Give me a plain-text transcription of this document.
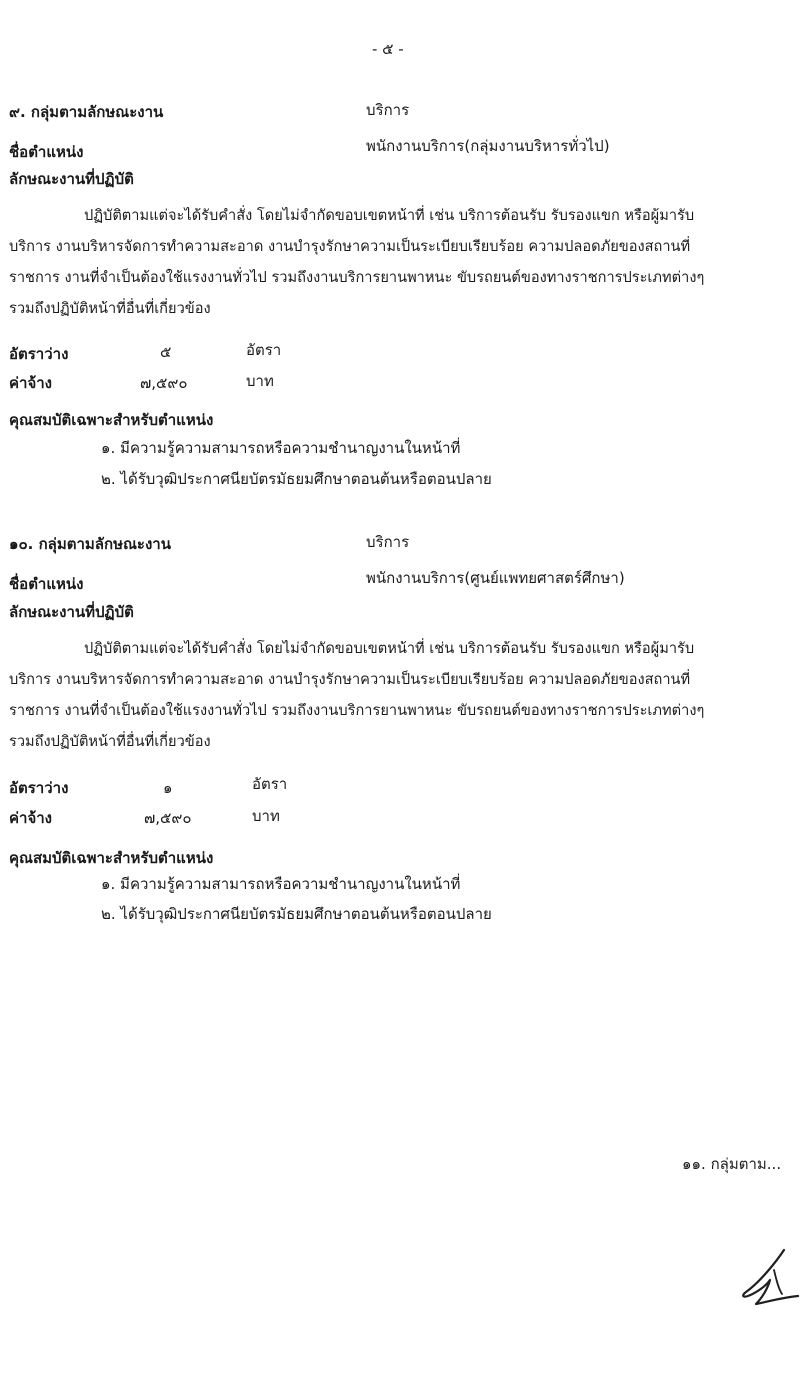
- ๕ -
๙. กลุ่มตามลักษณะงาน	บริการ
ชื่อตำแหน่ง	พนักงานบริการ(กลุ่มงานบริหารทั่วไป)
ลักษณะงานที่ปฏิบัติ
ปฏิบัติตามแต่จะได้รับคำสั่ง โดยไม่จำกัดขอบเขตหน้าที่ เช่น บริการต้อนรับ รับรองแขก หรือผู้มารับ
บริการ งานบริหารจัดการทำความสะอาด งานบำรุงรักษาความเป็นระเบียบเรียบร้อย ความปลอดภัยของสถานที่
ราชการ งานที่จำเป็นต้องใช้แรงงานทั่วไป รวมถึงงานบริการยานพาหนะ ขับรถยนต์ของทางราชการประเภทต่างๆ
รวมถึงปฏิบัติหน้าที่อื่นที่เกี่ยวข้อง
อัตราว่าง	๕	อัตรา
ค่าจ้าง	๗,๕๙๐	บาท
คุณสมบัติเฉพาะสำหรับตำแหน่ง
๑. มีความรู้ความสามารถหรือความชำนาญงานในหน้าที่
๒. ได้รับวุฒิประกาศนียบัตรมัธยมศึกษาตอนต้นหรือตอนปลาย
๑๐. กลุ่มตามลักษณะงาน	บริการ
ชื่อตำแหน่ง	พนักงานบริการ(ศูนย์แพทยศาสตร์ศึกษา)
ลักษณะงานที่ปฏิบัติ
ปฏิบัติตามแต่จะได้รับคำสั่ง โดยไม่จำกัดขอบเขตหน้าที่ เช่น บริการต้อนรับ รับรองแขก หรือผู้มารับ
บริการ งานบริหารจัดการทำความสะอาด งานบำรุงรักษาความเป็นระเบียบเรียบร้อย ความปลอดภัยของสถานที่
ราชการ งานที่จำเป็นต้องใช้แรงงานทั่วไป รวมถึงงานบริการยานพาหนะ ขับรถยนต์ของทางราชการประเภทต่างๆ
รวมถึงปฏิบัติหน้าที่อื่นที่เกี่ยวข้อง
อัตราว่าง	๑	อัตรา
ค่าจ้าง	๗,๕๙๐	บาท
คุณสมบัติเฉพาะสำหรับตำแหน่ง
๑. มีความรู้ความสามารถหรือความชำนาญงานในหน้าที่
๒. ได้รับวุฒิประกาศนียบัตรมัธยมศึกษาตอนต้นหรือตอนปลาย
๑๑. กลุ่มตาม...
